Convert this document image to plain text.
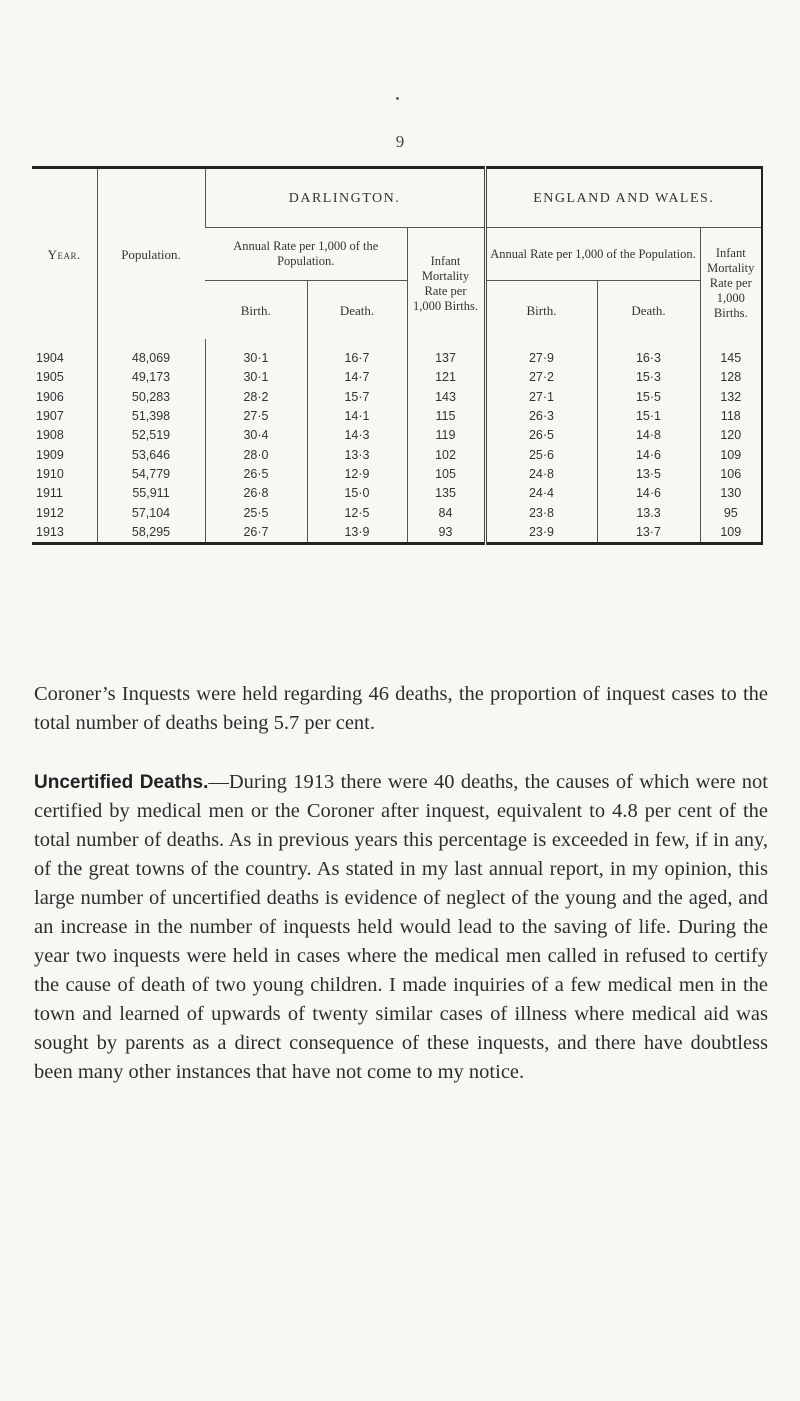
9
Year.	Population.	DARLINGTON.			ENGLAND AND WALES.		
		Annual Rate per 1,000 of the Population.		Infant Mortality Rate per 1,000 Births.	Annual Rate per 1,000 of the Population.		Infant Mortality Rate per 1,000 Births.
		Birth.	Death.		Birth.	Death.	
1904	48,069	30·1	16·7	137	27·9	16·3	145
1905	49,173	30·1	14·7	121	27·2	15·3	128
1906	50,283	28·2	15·7	143	27·1	15·5	132
1907	51,398	27·5	14·1	115	26·3	15·1	118
1908	52,519	30·4	14·3	119	26·5	14·8	120
1909	53,646	28·0	13·3	102	25·6	14·6	109
1910	54,779	26·5	12·9	105	24·8	13·5	106
1911	55,911	26·8	15·0	135	24·4	14·6	130
1912	57,104	25·5	12·5	84	23·8	13.3	95
1913	58,295	26·7	13·9	93	23·9	13·7	109

Coroner’s Inquests were held regarding 46 deaths, the proportion of inquest cases to the total number of deaths being 5.7 per cent.

Uncertified Deaths.—During 1913 there were 40 deaths, the causes of which were not certified by medical men or the Coroner after inquest, equivalent to 4.8 per cent of the total number of deaths. As in previous years this percentage is exceeded in few, if in any, of the great towns of the country. As stated in my last annual report, in my opinion, this large number of uncertified deaths is evidence of neglect of the young and the aged, and an increase in the number of inquests held would lead to the saving of life. During the year two inquests were held in cases where the medical men called in refused to certify the cause of death of two young children. I made inquiries of a few medical men in the town and learned of upwards of twenty similar cases of illness where medical aid was sought by parents as a direct consequence of these inquests, and there have doubtless been many other instances that have not come to my notice.
